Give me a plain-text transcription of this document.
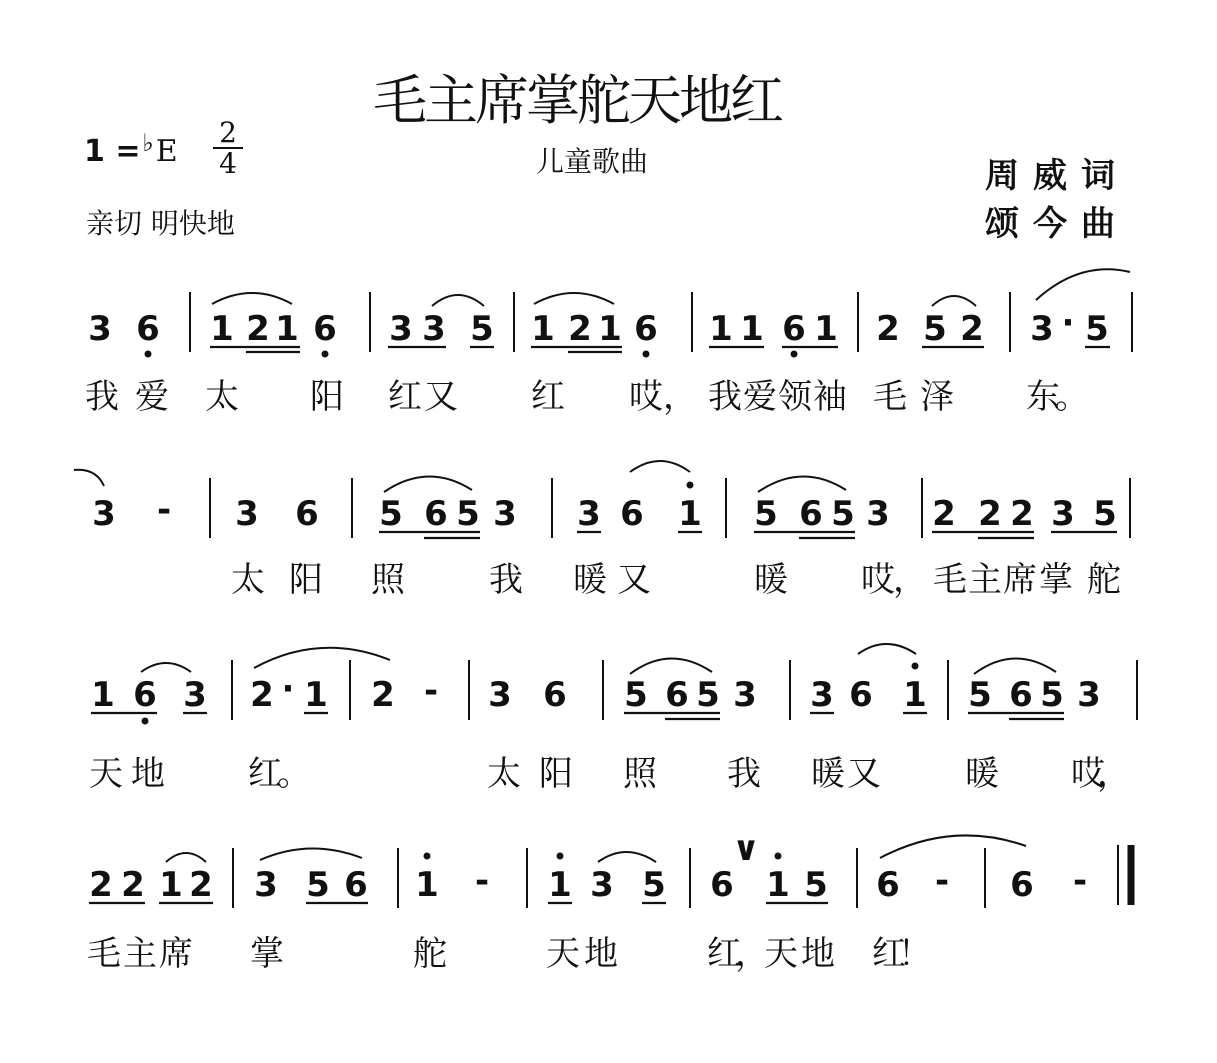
毛主席掌舵天地红
1 =♭E
2
4	儿童歌曲
亲切 明快地
周威词
颂今曲
3 6 1 2 1 6 3 3 5 1 2 1 6 1 1 6 1 2 5 2 3 · 5
我 爱 太 阳 红 又 红 哎 ， 我 爱 领 袖 毛 泽 东
。
3 - 3 6 5 6 5 3 3 6 1 5 6 5 3 2 2 2 3 5
太 阳 照 我 暖 又	暖 哎
， 毛 主 席 掌 舵
1 6 3 2 · 1 2 - 3 6 5 6 5 3 3 6 1 5 6 5 3
天 地 红
。	太 阳 照 我 暖 又 暖 哎
，
2 2 1 2 3 5 6 1 - 1 3 5 6
∨
1 5 6 - 6 -
毛 主 席 掌	舵	天 地	红
，
天 地 红
！
